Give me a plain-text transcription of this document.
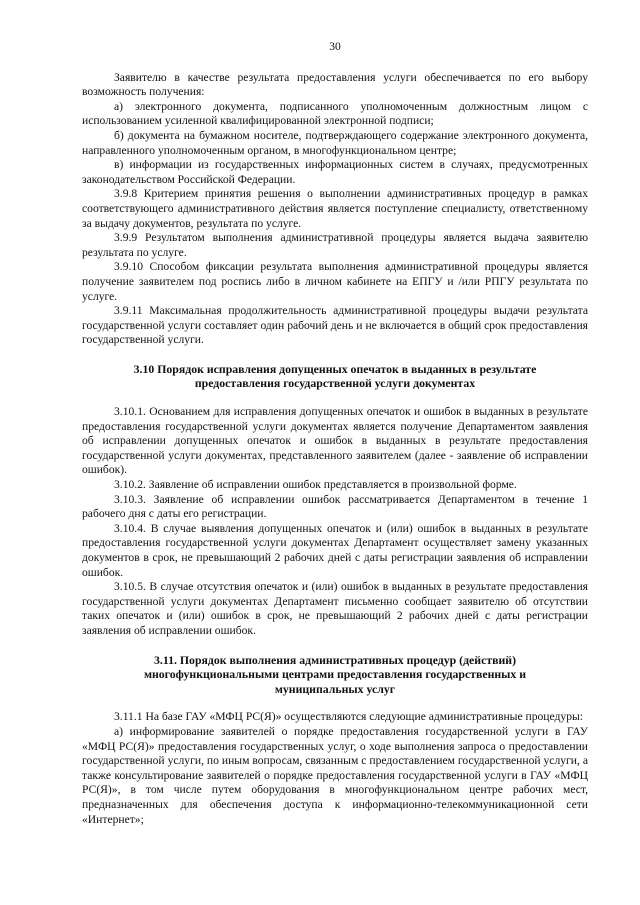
30

Заявителю в качестве результата предоставления услуги обеспечивается по его выбору возможность получения:

а) электронного документа, подписанного уполномоченным должностным лицом с использованием усиленной квалифицированной электронной подписи;

б) документа на бумажном носителе, подтверждающего содержание электронного документа, направленного уполномоченным органом, в многофункциональном центре;

в) информации из государственных информационных систем в случаях, предусмотренных законодательством Российской Федерации.

3.9.8 Критерием принятия решения о выполнении административных процедур в рамках соответствующего административного действия является поступление специалисту, ответственному за выдачу документов, результата по услуге.

3.9.9 Результатом выполнения административной процедуры является выдача заявителю результата по услуге.

3.9.10 Способом фиксации результата выполнения административной процедуры является получение заявителем под роспись либо в личном кабинете на ЕПГУ и /или РПГУ результата по услуге.

3.9.11 Максимальная продолжительность административной процедуры выдачи результата государственной услуги составляет один рабочий день и не включается в общий срок предоставления государственной услуги.

3.10 Порядок исправления допущенных опечаток в выданных в результате предоставления государственной услуги документах

3.10.1. Основанием для исправления допущенных опечаток и ошибок в выданных в результате предоставления государственной услуги документах является получение Департаментом заявления об исправлении допущенных опечаток и ошибок в выданных в результате предоставления государственной услуги документах, представленного заявителем (далее - заявление об исправлении ошибок).

3.10.2. Заявление об исправлении ошибок представляется в произвольной форме.

3.10.3. Заявление об исправлении ошибок рассматривается Департаментом в течение 1 рабочего дня с даты его регистрации.

3.10.4. В случае выявления допущенных опечаток и (или) ошибок в выданных в результате предоставления государственной услуги документах Департамент осуществляет замену указанных документов в срок, не превышающий 2 рабочих дней с даты регистрации заявления об исправлении ошибок.

3.10.5. В случае отсутствия опечаток и (или) ошибок в выданных в результате предоставления государственной услуги документах Департамент письменно сообщает заявителю об отсутствии таких опечаток и (или) ошибок в срок, не превышающий 2 рабочих дней с даты регистрации заявления об исправлении ошибок.

3.11. Порядок выполнения административных процедур (действий) многофункциональными центрами предоставления государственных и муниципальных услуг

3.11.1 На базе ГАУ «МФЦ РС(Я)» осуществляются следующие административные процедуры:

а) информирование заявителей о порядке предоставления государственной услуги в ГАУ «МФЦ РС(Я)» предоставления государственных услуг, о ходе выполнения запроса о предоставлении государственной услуги, по иным вопросам, связанным с предоставлением государственной услуги, а также консультирование заявителей о порядке предоставления государственной услуги в ГАУ «МФЦ РС(Я)», в том числе путем оборудования в многофункциональном центре рабочих мест, предназначенных для обеспечения доступа к информационно-телекоммуникационной сети «Интернет»;
